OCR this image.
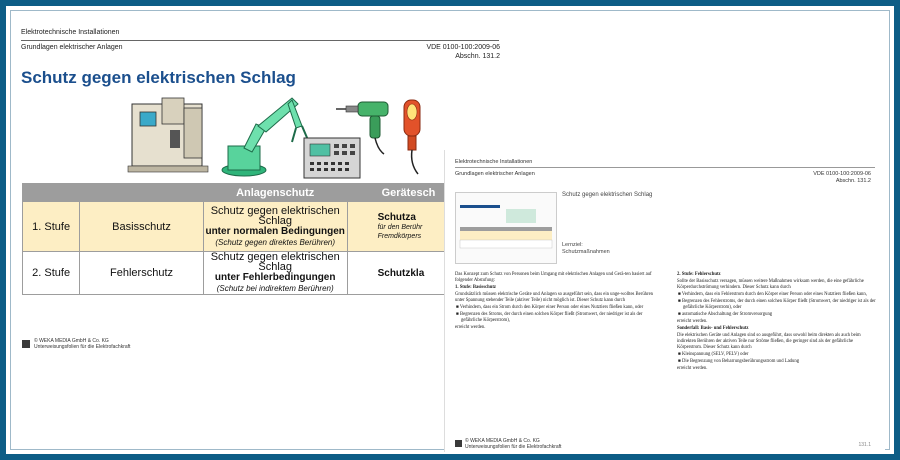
Elektrotechnische Installationen
Grundlagen elektrischer Anlagen	VDE 0100-100:2009-06
Abschn. 131.2
Schutz gegen elektrischen Schlag
		Anlagenschutz	Gerätesch
1. Stufe	Basisschutz	Schutz gegen elektrischen Schlag
unter normalen Bedingungen
(Schutz gegen direktes Berühren)	Schutza
für den Berühr Fremdkörpers

2. Stufe	Fehlerschutz	Schutz gegen elektrischen Schlag
unter Fehlerbedingungen
(Schutz bei indirektem Berühren)	Schutzkla
© WEKA MEDIA GmbH & Co. KG
Unterweisungsfolien für die Elektrofachkraft
Elektrotechnische Installationen
Grundlagen elektrischer Anlagen	VDE 0100-100:2009-06
Abschn. 131.2
Schutz gegen elektrischen Schlag
Lernziel:
Schutzmaßnahmen

Das Konzept zum Schutz von Personen beim Umgang mit elektrischen Anlagen und Gerä-ten basiert auf folgender Abstufung:

1. Stufe: Basisschutz

Grundsätzlich müssen elektrische Geräte und Anlagen so ausgeführt sein, dass ein unge-wolltes Berühren unter Spannung stehender Teile (aktiver Teile) nicht möglich ist. Dieser Schutz kann durch

■ Verhindern, dass ein Strom durch den Körper einer Person oder eines Nutztiers fließen kann, oder

■ Begrenzen des Stroms, der durch einen solchen Körper fließt (Stromwert, der niedriger ist als der gefährliche Körperstrom),

erreicht werden.

2. Stufe: Fehlerschutz

Sollte der Basisschutz versagen, müssen weitere Maßnahmen wirksam werden, die eine gefährliche Körperdurchströmung verhindern. Dieser Schutz kann durch

■ Verhindern, dass ein Fehlerstrom durch den Körper einer Person oder eines Nutztiers fließen kann,

■ Begrenzen des Fehlerstroms, der durch einen solchen Körper fließt (Stromwert, der niedriger ist als der gefährliche Körperstrom), oder

■ automatische Abschaltung der Stromversorgung

erreicht werden.

Sonderfall: Basis- und Fehlerschutz

Die elektrischen Geräte und Anlagen sind so ausgeführt, dass sowohl beim direkten als auch beim indirekten Berühren der aktiven Teile nur Ströme fließen, die geringer sind als der gefährliche Körperstrom. Dieser Schutz kann durch

■ Kleinspannung (SELV, PELV) oder

■ Die Begrenzung von Beharrungsberührungsstrom und Ladung

erreicht werden.

© WEKA MEDIA GmbH & Co. KG
Unterweisungsfolien für die Elektrofachkraft	131.1
